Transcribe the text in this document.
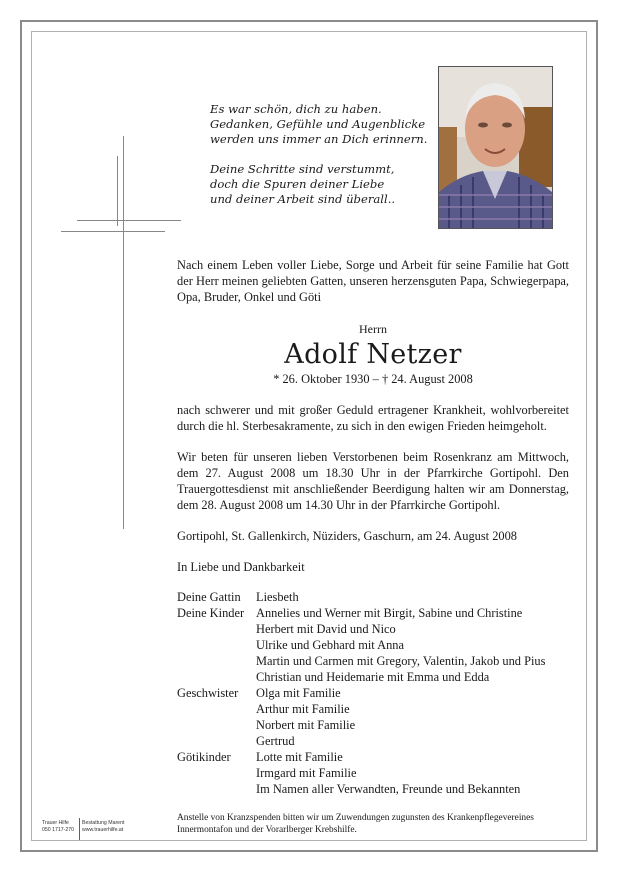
Es war schön, dich zu haben.
Gedanken, Gefühle und Augenblicke
werden uns immer an Dich erinnern.
Deine Schritte sind verstummt,
doch die Spuren deiner Liebe
und deiner Arbeit sind überall..
Nach einem Leben voller Liebe, Sorge und Arbeit für seine Familie hat Gott der Herr meinen geliebten Gatten, unseren herzensguten Papa, Schwiegerpapa, Opa, Bruder, Onkel und Göti
Herrn
Adolf Netzer
* 26. Oktober 1930 – † 24. August 2008
nach schwerer und mit großer Geduld ertragener Krankheit, wohlvorbereitet durch die hl. Sterbesakramente, zu sich in den ewigen Frieden heimgeholt.
Wir beten für unseren lieben Verstorbenen beim Rosenkranz am Mittwoch, dem 27. August 2008 um 18.30 Uhr in der Pfarrkirche Gortipohl. Den Trauergottesdienst mit anschließender Beerdigung halten wir am Donnerstag, dem 28. August 2008 um 14.30 Uhr in der Pfarrkirche Gortipohl.
Gortipohl, St. Gallenkirch, Nüziders, Gaschurn, am 24. August 2008
In Liebe und Dankbarkeit
Deine Gattin	Liesbeth
Deine Kinder Annelies und Werner mit Birgit, Sabine und Christine
Herbert mit David und Nico
Ulrike und Gebhard mit Anna
Martin und Carmen mit Gregory, Valentin, Jakob und Pius
Christian und Heidemarie mit Emma und Edda
Geschwister	Olga mit Familie
Arthur mit Familie
Norbert mit Familie
Gertrud
Götikinder	Lotte mit Familie
Irmgard mit Familie
Im Namen aller Verwandten, Freunde und Bekannten
Anstelle von Kranzspenden bitten wir um Zuwendungen zugunsten des Krankenpflegevereines Innermontafon und der Vorarlberger Krebshilfe.
Trauer Hilfe
050 1717-270
Bestattung Marent
www.trauerhilfe.at
